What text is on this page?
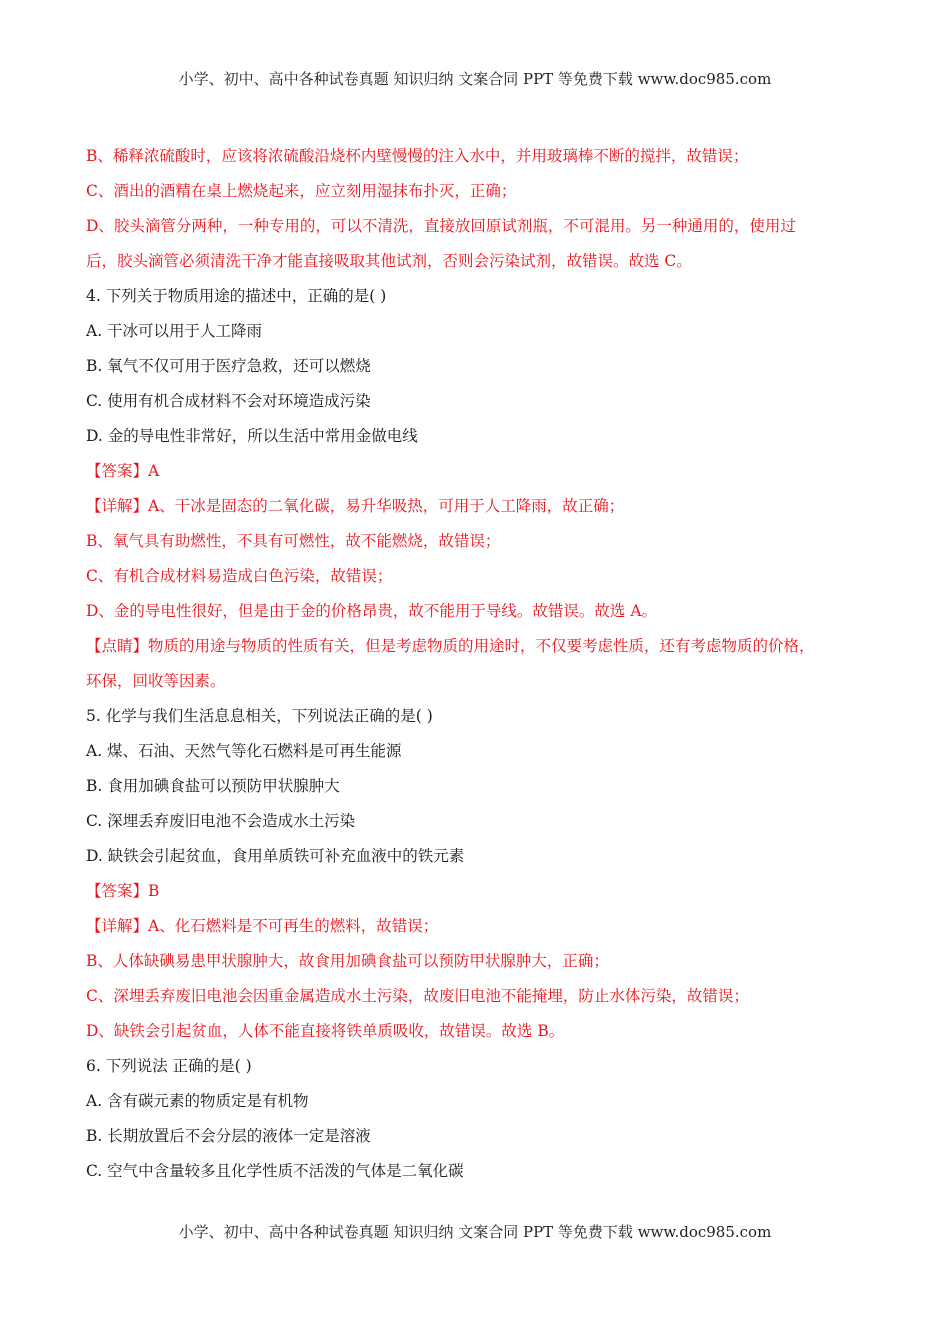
小学、初中、高中各种试卷真题 知识归纳 文案合同 PPT 等免费下载 www.doc985.com
B、稀释浓硫酸时，应该将浓硫酸沿烧杯内壁慢慢的注入水中，并用玻璃棒不断的搅拌，故错误；
C、酒出的酒精在桌上燃烧起来，应立刻用湿抹布扑灭，正确；
D、胶头滴管分两种，一种专用的，可以不清洗，直接放回原试剂瓶，不可混用。另一种通用的，使用过
后，胶头滴管必须清洗干净才能直接吸取其他试剂，否则会污染试剂，故错误。故选 C。
4. 下列关于物质用途的描述中，正确的是( )
A. 干冰可以用于人工降雨
B. 氧气不仅可用于医疗急救，还可以燃烧
C. 使用有机合成材料不会对环境造成污染
D. 金的导电性非常好，所以生活中常用金做电线
【答案】A
【详解】A、干冰是固态的二氧化碳，易升华吸热，可用于人工降雨，故正确；
B、氧气具有助燃性，不具有可燃性，故不能燃烧，故错误；
C、有机合成材料易造成白色污染，故错误；
D、金的导电性很好，但是由于金的价格昂贵，故不能用于导线。故错误。故选 A。
【点睛】物质的用途与物质的性质有关，但是考虑物质的用途时，不仅要考虑性质，还有考虑物质的价格，
环保，回收等因素。
5. 化学与我们生活息息相关，下列说法正确的是( )
A. 煤、石油、天然气等化石燃料是可再生能源
B. 食用加碘食盐可以预防甲状腺肿大
C. 深埋丢弃废旧电池不会造成水土污染
D. 缺铁会引起贫血，食用单质铁可补充血液中的铁元素
【答案】B
【详解】A、化石燃料是不可再生的燃料，故错误；
B、人体缺碘易患甲状腺肿大，故食用加碘食盐可以预防甲状腺肿大，正确；
C、深埋丢弃废旧电池会因重金属造成水土污染，故废旧电池不能掩埋，防止水体污染，故错误；
D、缺铁会引起贫血，人体不能直接将铁单质吸收，故错误。故选 B。
6. 下列说法 正确的是( )
A. 含有碳元素的物质定是有机物
B. 长期放置后不会分层的液体一定是溶液
C. 空气中含量较多且化学性质不活泼的气体是二氧化碳
小学、初中、高中各种试卷真题 知识归纳 文案合同 PPT 等免费下载 www.doc985.com
